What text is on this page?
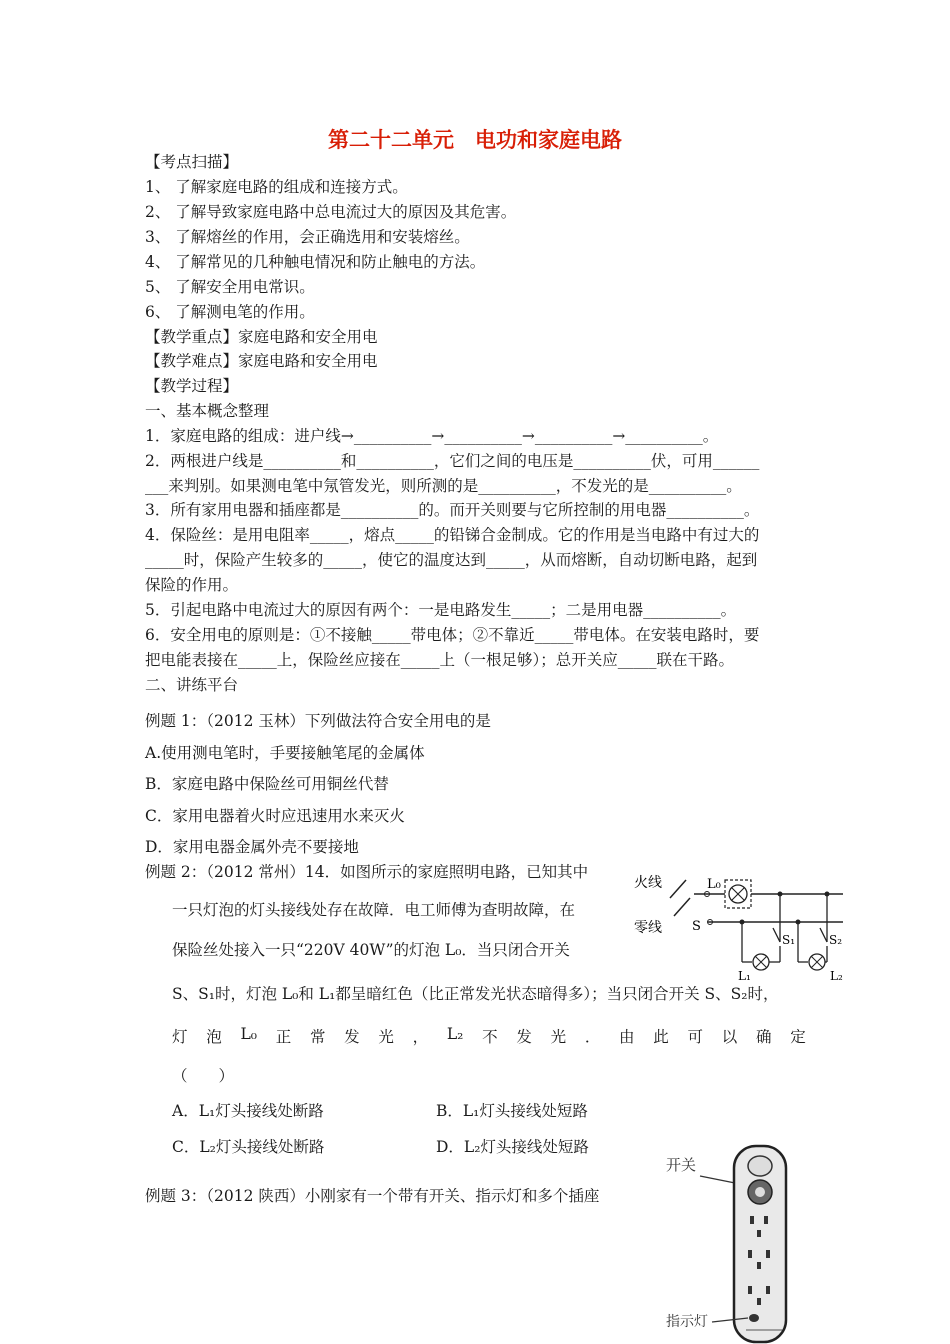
第二十二单元　电功和家庭电路
【考点扫描】
1、 了解家庭电路的组成和连接方式。
2、 了解导致家庭电路中总电流过大的原因及其危害。
3、 了解熔丝的作用，会正确选用和安装熔丝。
4、 了解常见的几种触电情况和防止触电的方法。
5、 了解安全用电常识。
6、 了解测电笔的作用。
【教学重点】家庭电路和安全用电
【教学难点】家庭电路和安全用电
【教学过程】
一、基本概念整理
1．家庭电路的组成：进户线→__________→__________→__________→__________。
2．两根进户线是__________和__________，它们之间的电压是__________伏，可用______
___来判别。如果测电笔中氖管发光，则所测的是__________，不发光的是__________。
3．所有家用电器和插座都是__________的。而开关则要与它所控制的用电器__________。
4．保险丝：是用电阻率_____，熔点_____的铅锑合金制成。它的作用是当电路中有过大的
_____时，保险产生较多的_____，使它的温度达到_____，从而熔断，自动切断电路，起到
保险的作用。
5．引起电路中电流过大的原因有两个：一是电路发生_____；二是用电器__________。
6．安全用电的原则是：①不接触_____带电体；②不靠近_____带电体。在安装电路时，要
把电能表接在_____上，保险丝应接在_____上（一根足够）；总开关应_____联在干路。
二、讲练平台
例题 1：（2012 玉林）下列做法符合安全用电的是
A.使用测电笔时，手要接触笔尾的金属体
B．家庭电路中保险丝可用铜丝代替
C．家用电器着火时应迅速用水来灭火
D．家用电器金属外壳不要接地
例题 2：（2012 常州）14．如图所示的家庭照明电路，已知其中
一只灯泡的灯头接线处存在故障．电工师傅为查明故障，在
保险丝处接入一只“220V 40W”的灯泡 L₀．当只闭合开关
S、S₁时，灯泡 L₀和 L₁都呈暗红色（比正常发光状态暗得多）；当只闭合开关 S、S₂时，
灯 泡 L₀ 正 常 发 光 ， L₂ 不 发 光 ． 由 此 可 以 确 定
（　　）
A．L₁灯头接线处断路	B．L₁灯头接线处短路
C．L₂灯头接线处断路	D．L₂灯头接线处短路
例题 3：（2012 陕西）小刚家有一个带有开关、指示灯和多个插座
火线
零线
L₀
S
S₁
L₁
S₂
L₂
开关
指示灯
